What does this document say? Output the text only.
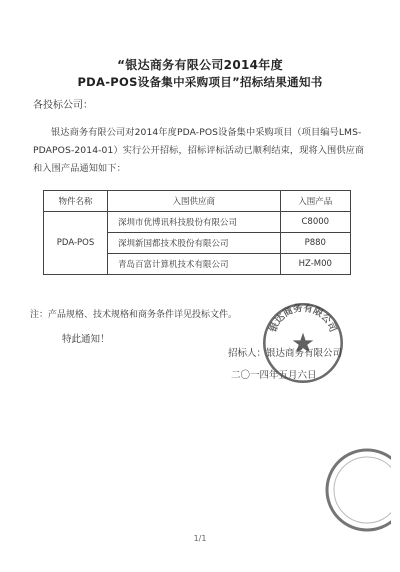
“银达商务有限公司2014年度
PDA-POS设备集中采购项目”招标结果通知书
各投标公司：
银达商务有限公司对2014年度PDA-POS设备集中采购项目（项目编号LMS-PDAPOS-2014-01）实行公开招标，招标评标活动已顺利结束，现将入围供应商和入围产品通知如下：
物件名称	入围供应商	入围产品
PDA-POS	深圳市优博讯科技股份有限公司	C8000
	深圳新国都技术股份有限公司	P880
	青岛百富计算机技术有限公司	HZ-M00
注：产品规格、技术规格和商务条件详见投标文件。
特此通知！
招标人：银达商务有限公司
二〇一四年五月六日
银达商务有限公司
1/1
